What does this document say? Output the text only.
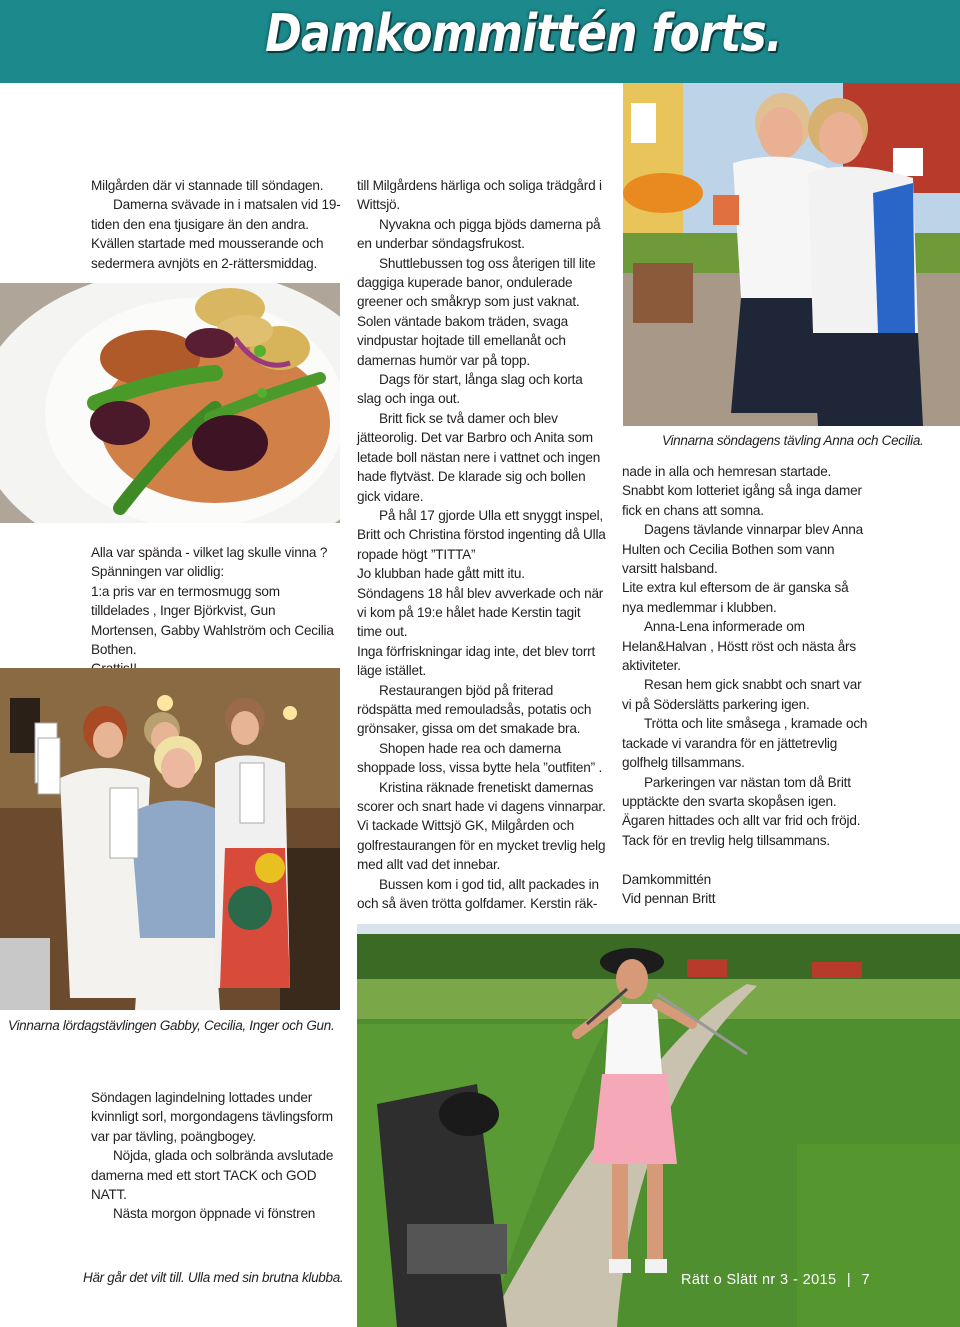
Damkommittén forts.

Milgården där vi stannade till söndagen.

Damerna svävade in i matsalen vid 19-tiden den ena tjusigare än den andra. Kvällen startade med mousserande och sedermera avnjöts en 2-rättersmiddag.

Alla var spända - vilket lag skulle vinna ?

Spänningen var olidlig:

1:a pris var en termosmugg som tilldelades , Inger Björkvist, Gun Mortensen, Gabby Wahlström och Cecilia Bothen.

Vinnarna lördagstävlingen Gabby, Cecilia, Inger och Gun.

Söndagen lagindelning lottades under kvinnligt sorl, morgondagens tävlingsform var par tävling, poängbogey.

Nöjda, glada och solbrända avslutade damerna med ett stort TACK och GOD NATT.

Nästa morgon öppnade vi fönstren

Här går det vilt till. Ulla med sin brutna klubba.

till Milgårdens härliga och soliga trädgård i Wittsjö.

Nyvakna och pigga bjöds damerna på en underbar söndagsfrukost.

Shuttlebussen tog oss återigen till lite daggiga kuperade banor, ondulerade greener och småkryp som just vaknat.

Solen väntade bakom träden, svaga vindpustar hojtade till emellanåt och damernas humör var på topp.

Dags för start, långa slag och korta slag och inga out.

Britt fick se två damer och blev jätteorolig. Det var Barbro och Anita som letade boll nästan nere i vattnet och ingen hade flytväst. De klarade sig och bollen gick vidare.

På hål 17 gjorde Ulla ett snyggt inspel, Britt och Christina förstod ingenting då Ulla ropade högt ”TITTA”

Jo klubban hade gått mitt itu.

Söndagens 18 hål blev avverkade och när vi kom på 19:e hålet hade Kerstin tagit time out.

Inga förfriskningar idag inte, det blev torrt läge istället.

Restaurangen bjöd på friterad rödspätta med remouladsås, potatis och grönsaker, gissa om det smakade bra.

Shopen hade rea och damerna shoppade loss, vissa bytte hela ”outfiten” .

Kristina räknade frenetiskt damernas scorer och snart hade vi dagens vinnarpar. Vi tackade Wittsjö GK, Milgården och golfrestaurangen för en mycket trevlig helg med allt vad det innebar.

Bussen kom i god tid, allt packades in och så även trötta golfdamer. Kerstin räk-

Vinnarna söndagens tävling Anna och Cecilia.

nade in alla och hemresan startade.

Snabbt kom lotteriet igång så inga damer fick en chans att somna.

Dagens tävlande vinnarpar blev Anna Hulten och Cecilia Bothen som vann varsitt halsband.

Lite extra kul eftersom de är ganska så nya medlemmar i klubben.

Anna-Lena informerade om Helan&Halvan , Höstt röst och nästa års aktiviteter.

Resan hem gick snabbt och snart var vi på Söderslätts parkering igen.

Trötta och lite småsega , kramade och tackade vi varandra för en jättetrevlig golfhelg tillsammans.

Parkeringen var nästan tom då Britt upptäckte den svarta skopåsen igen. Ägaren hittades och allt var frid och fröjd. Tack för en trevlig helg tillsammans.

Damkommittén

Vid pennan Britt

Rätt o Slätt nr 3 - 2015 | 7
